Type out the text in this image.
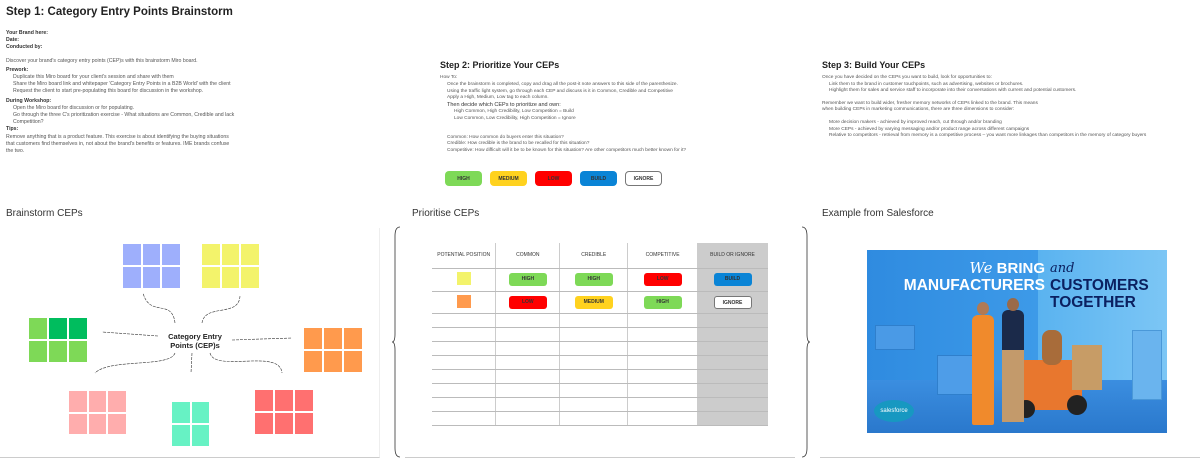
Step 1: Category Entry Points Brainstorm
Your Brand here:
Date:
Conducted by:
Discover your brand's category entry points (CEP)s with this brainstorm Miro board.
Prework:
Duplicate this Miro board for your client's session and share with them
Share the Miro board link and whitepaper 'Category Entry Points in a B2B World' with the client
Request the client to start pre-populating this board for discussion in the workshop.
During Workshop:
Open the Miro board for discussion or for populating.
Go through the three C's prioritization exercise - What situations are Common, Credible and lack Competition?
Tips:
Remove anything that is a product feature. This exercise is about identifying the buying situations that customers find themselves in, not about the brand's benefits or features. IME brands confuse the two.
Step 2: Prioritize Your CEPs
How To:
Once the brainstorm is completed, copy and drag all the post-it note answers to this side of the parenthesize.
Using the traffic light system, go through each CEP and discuss is it in Common, Credible and Competitive
Apply a High, Medium, Low tag to each column.
Then decide which CEPs to prioritize and own:
High Common, High Credibility, Low Competition = Build
Low Common, Low Credibility, High Competition = Ignore
Common: How common do buyers enter this situation?
Credible: How credible is the brand to be recalled for this situation?
Competitive: How difficult will it be to be known for this situation? Are other competitors much better known for it?
HIGH	MEDIUM	LOW	BUILD	IGNORE
Step 3: Build Your CEPs
Once you have decided on the CEPs you want to build, look for opportunities to:
Link them to the brand in customer touchpoints, such as advertising, websites or brochures.
Highlight them for sales and service staff to incorporate into their conversations with current and potential customers.
Remember we want to build wider, fresher memory networks of CEPs linked to the brand. This means
when building CEPs in marketing communications, there are three dimensions to consider:
More decision makers - achieved by improved reach, cut through and/or branding
More CEPs - achieved by varying messaging and/or product range across different campaigns
Relative to competitors - retrieval from memory is a competitive process – you want more linkages than competitors in the memory of category buyers
Brainstorm CEPs	Prioritise CEPs	Example from Salesforce
Category Entry Points (CEP)s
POTENTIAL POSITION	COMMON	CREDIBLE	COMPETITIVE	BUILD OR IGNORE
	HIGH	HIGH	LOW	BUILD
	LOW	MEDIUM	HIGH	IGNORE

We BRING
MANUFACTURERS
and
CUSTOMERS
TOGETHER
salesforce
